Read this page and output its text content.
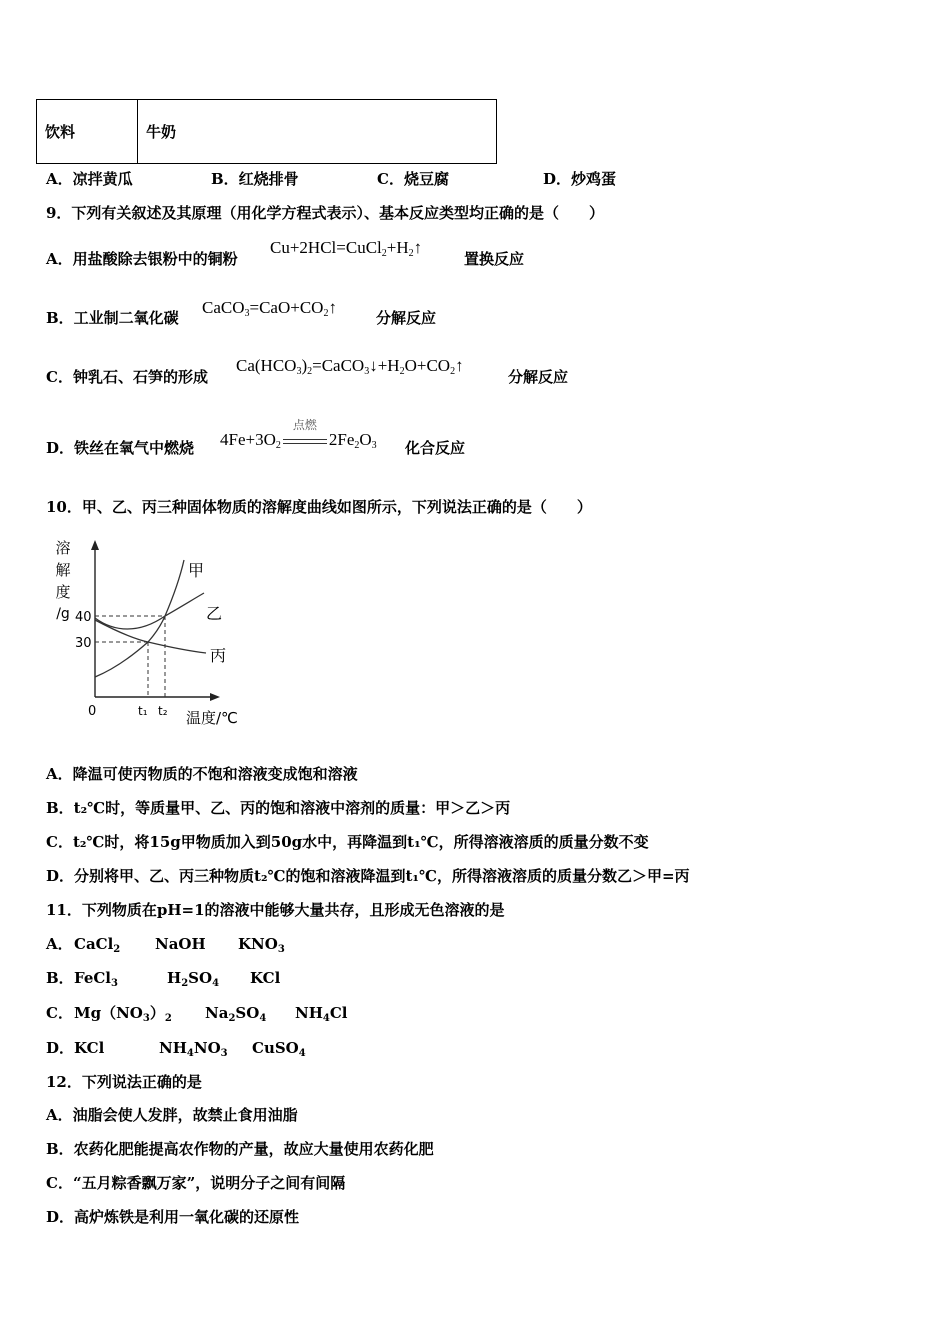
饮料	牛奶
A．凉拌黄瓜	B．红烧排骨	C．烧豆腐	D．炒鸡蛋
9．下列有关叙述及其原理（用化学方程式表示）、基本反应类型均正确的是（　　）
A．用盐酸除去银粉中的铜粉
$Cu+2HCl=CuCl_2+H_2↑$
置换反应
B．工业制二氧化碳
$CaCO_3=CaO+CO_2↑$
分解反应
C．钟乳石、石笋的形成
$Ca(HCO_3)_2=CaCO_3↓+H_2O+CO_2↑$
分解反应
D．铁丝在氧气中燃烧 $4Fe+3O_2$
点燃
$2Fe_2O_3$ 化合反应
10．甲、乙、丙三种固体物质的溶解度曲线如图所示，下列说法正确的是（　　）
溶
解
度
/g 40
30
0	t₁ t₂ 温度/℃
甲
乙
丙
A．降温可使丙物质的不饱和溶液变成饱和溶液
B．t₂℃时，等质量甲、乙、丙的饱和溶液中溶剂的质量：甲＞乙＞丙
C．t₂℃时，将15g甲物质加入到50g水中，再降温到t₁℃，所得溶液溶质的质量分数不变
D．分别将甲、乙、丙三种物质t₂℃的饱和溶液降温到t₁℃，所得溶液溶质的质量分数乙＞甲=丙
11．下列物质在pH=1的溶液中能够大量共存，且形成无色溶液的是
A． CaCl$_2$ NaOH $KNO_3$
B． FeCl$_3$	$H_2SO_4$ KCl
C． $Mg(NO_3)_2$ $Na_2SO_4$ $NH_4Cl$
D． KCl	$NH_4NO_3$ CuSO$_4$
12．下列说法正确的是
A．油脂会使人发胖，故禁止食用油脂
B．农药化肥能提高农作物的产量，故应大量使用农药化肥
C．“五月粽香飘万家”，说明分子之间有间隔
D．高炉炼铁是利用一氧化碳的还原性
